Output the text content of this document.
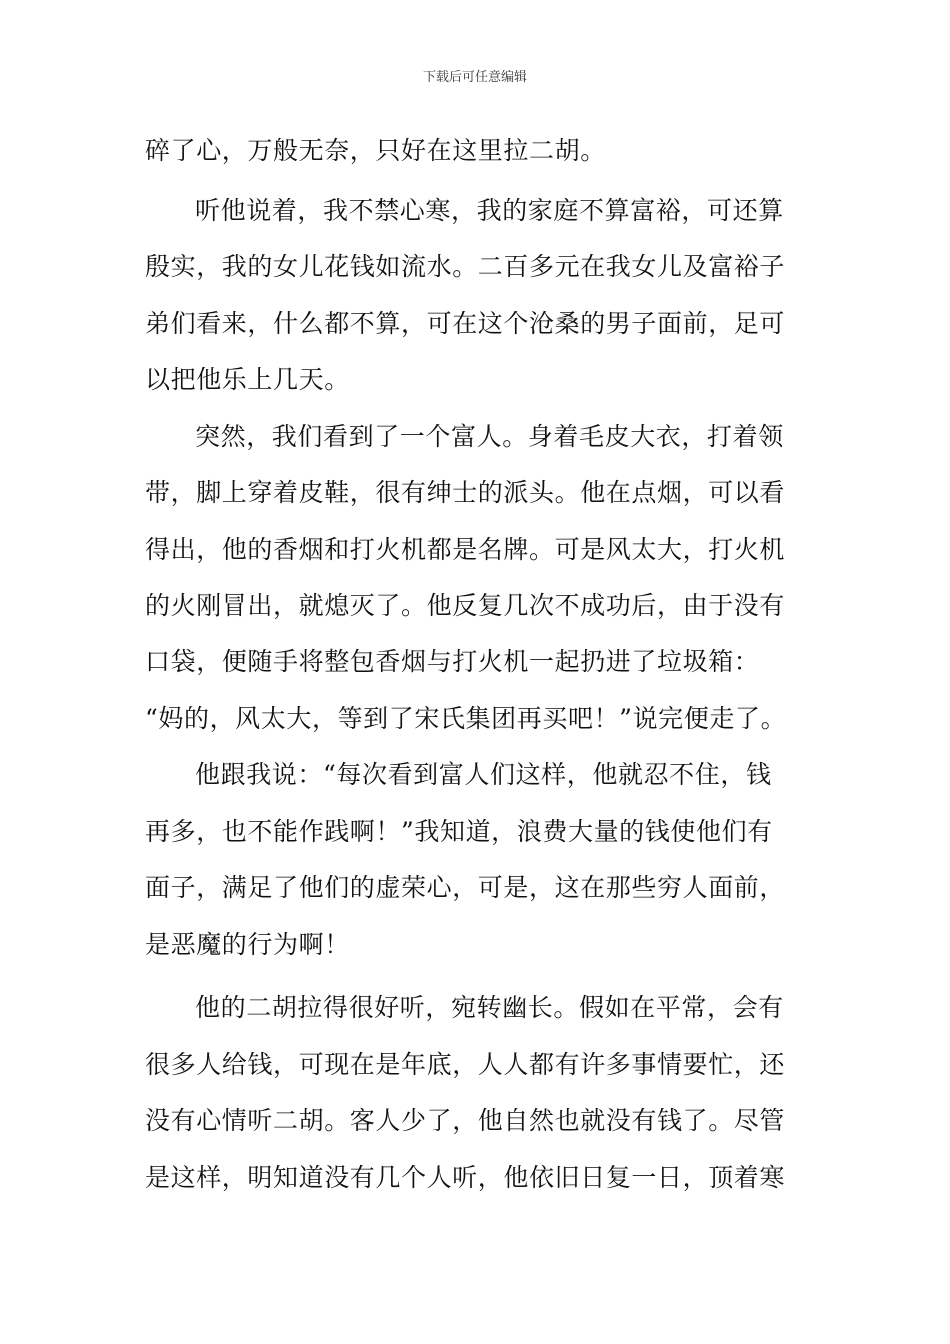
下载后可任意编辑
碎了心，万般无奈，只好在这里拉二胡。
听他说着，我不禁心寒，我的家庭不算富裕，可还算
殷实，我的女儿花钱如流水。二百多元在我女儿及富裕子
弟们看来，什么都不算，可在这个沧桑的男子面前，足可
以把他乐上几天。
突然，我们看到了一个富人。身着毛皮大衣，打着领
带，脚上穿着皮鞋，很有绅士的派头。他在点烟，可以看
得出，他的香烟和打火机都是名牌。可是风太大，打火机
的火刚冒出，就熄灭了。他反复几次不成功后，由于没有
口袋，便随手将整包香烟与打火机一起扔进了垃圾箱：
“妈的，风太大，等到了宋氏集团再买吧！”说完便走了。
他跟我说：“每次看到富人们这样，他就忍不住，钱
再多，也不能作践啊！”我知道，浪费大量的钱使他们有
面子，满足了他们的虚荣心，可是，这在那些穷人面前，
是恶魔的行为啊！
他的二胡拉得很好听，宛转幽长。假如在平常，会有
很多人给钱，可现在是年底，人人都有许多事情要忙，还
没有心情听二胡。客人少了，他自然也就没有钱了。尽管
是这样，明知道没有几个人听，他依旧日复一日，顶着寒
